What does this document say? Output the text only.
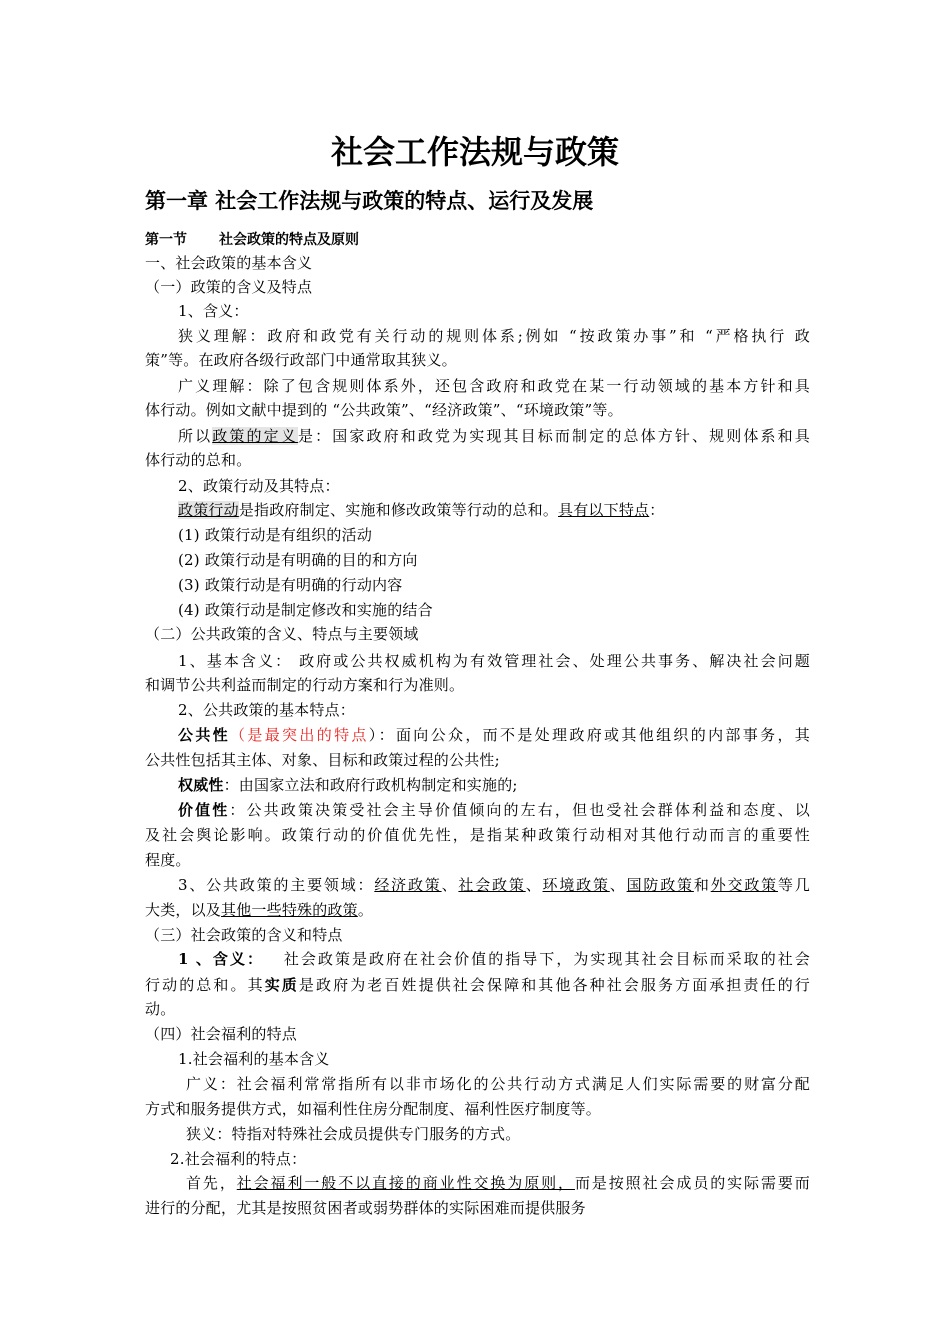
社会工作法规与政策
第一章 社会工作法规与政策的特点、运行及发展
第一节 社会政策的特点及原则
一、社会政策的基本含义
（一）政策的含义及特点
1、含义：
狭义理解：政府和政党有关行动的规则体系;例如 “按政策办事”和 “严格执行 政
策”等。在政府各级行政部门中通常取其狭义。
广义理解：除了包含规则体系外，还包含政府和政党在某一行动领域的基本方针和具
体行动。例如文献中提到的 “公共政策”、“经济政策”、“环境政策”等。
所以政策的定义是：国家政府和政党为实现其目标而制定的总体方针、规则体系和具
体行动的总和。
2、政策行动及其特点：
政策行动是指政府制定、实施和修改政策等行动的总和。具有以下特点：
(1) 政策行动是有组织的活动
(2) 政策行动是有明确的目的和方向
(3) 政策行动是有明确的行动内容
(4) 政策行动是制定修改和实施的结合
（二）公共政策的含义、特点与主要领域
1、基本含义： 政府或公共权威机构为有效管理社会、处理公共事务、解决社会问题
和调节公共利益而制定的行动方案和行为准则。
2、公共政策的基本特点：
公共性（是最突出的特点）：面向公众，而不是处理政府或其他组织的内部事务，其
公共性包括其主体、对象、目标和政策过程的公共性;
权威性：由国家立法和政府行政机构制定和实施的;
价值性：公共政策决策受社会主导价值倾向的左右，但也受社会群体利益和态度、以
及社会舆论影响。政策行动的价值优先性，是指某种政策行动相对其他行动而言的重要性
程度。
3、公共政策的主要领域：经济政策、社会政策、环境政策、国防政策和外交政策等几
大类，以及其他一些特殊的政策。
（三）社会政策的含义和特点
1 、含义： 社会政策是政府在社会价值的指导下，为实现其社会目标而采取的社会
行动的总和。其实质是政府为老百姓提供社会保障和其他各种社会服务方面承担责任的行
动。
（四）社会福利的特点
1.社会福利的基本含义
广义：社会福利常常指所有以非市场化的公共行动方式满足人们实际需要的财富分配
方式和服务提供方式，如福利性住房分配制度、福利性医疗制度等。
狭义：特指对特殊社会成员提供专门服务的方式。
2.社会福利的特点：
首先，社会福利一般不以直接的商业性交换为原则，而是按照社会成员的实际需要而
进行的分配，尤其是按照贫困者或弱势群体的实际困难而提供服务
